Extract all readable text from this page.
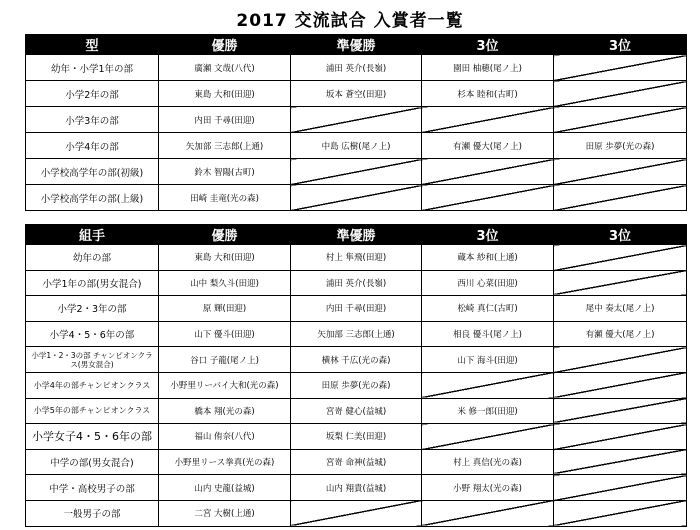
2017 交流試合 入賞者一覧
型	優勝	準優勝	3位	3位
幼年・小学1年の部	廣瀬 文哉(八代)	浦田 英介(長嶺)	園田 柚穂(尾ノ上)	
小学2年の部	東島 大和(田迎)	坂本 蒼空(田迎)	杉本 睦和(古町)	
小学3年の部	内田 千尋(田迎)			
小学4年の部	矢加部 三志郎(上通)	中島 広樹(尾ノ上)	有瀬 優大(尾ノ上)	田原 歩夢(光の森)
小学校高学年の部(初級)	鈴木 智陽(古町)			
小学校高学年の部(上級)	田崎 圭竜(光の森)			
組手	優勝	準優勝	3位	3位
幼年の部	東島 大和(田迎)	村上 隼飛(田迎)	蔵本 紗和(上通)	
小学1年の部(男女混合)	山中 梨久斗(田迎)	浦田 英介(長嶺)	西川 心菜(田迎)	
小学2・3年の部	原 輝(田迎)	内田 千尋(田迎)	松崎 真仁(古町)	尾中 奏太(尾ノ上)
小学4・5・6年の部	山下 優斗(田迎)	矢加部 三志郎(上通)	相良 優斗(尾ノ上)	有瀬 優大(尾ノ上)
小学1・2・3の部 チャンピオンクラス(男女混合)	谷口 子龍(尾ノ上)	横林 千広(光の森)	山下 海斗(田迎)	
小学4年の部チャンピオンクラス	小野里リーバイ大和(光の森)	田原 歩夢(光の森)		
小学5年の部チャンピオンクラス	橋本 翔(光の森)	宮嵜 健心(益城)	米 修一郎(田迎)	
小学女子4・5・6年の部	福山 侑奈(八代)	坂梨 仁美(田迎)		
中学の部(男女混合)	小野里リース拳真(光の森)	宮嵜 命神(益城)	村上 真信(光の森)	
中学・高校男子の部	山内 史龍(益城)	山内 翔貴(益城)	小野 翔太(光の森)	
一般男子の部	二宮 大樹(上通)			
